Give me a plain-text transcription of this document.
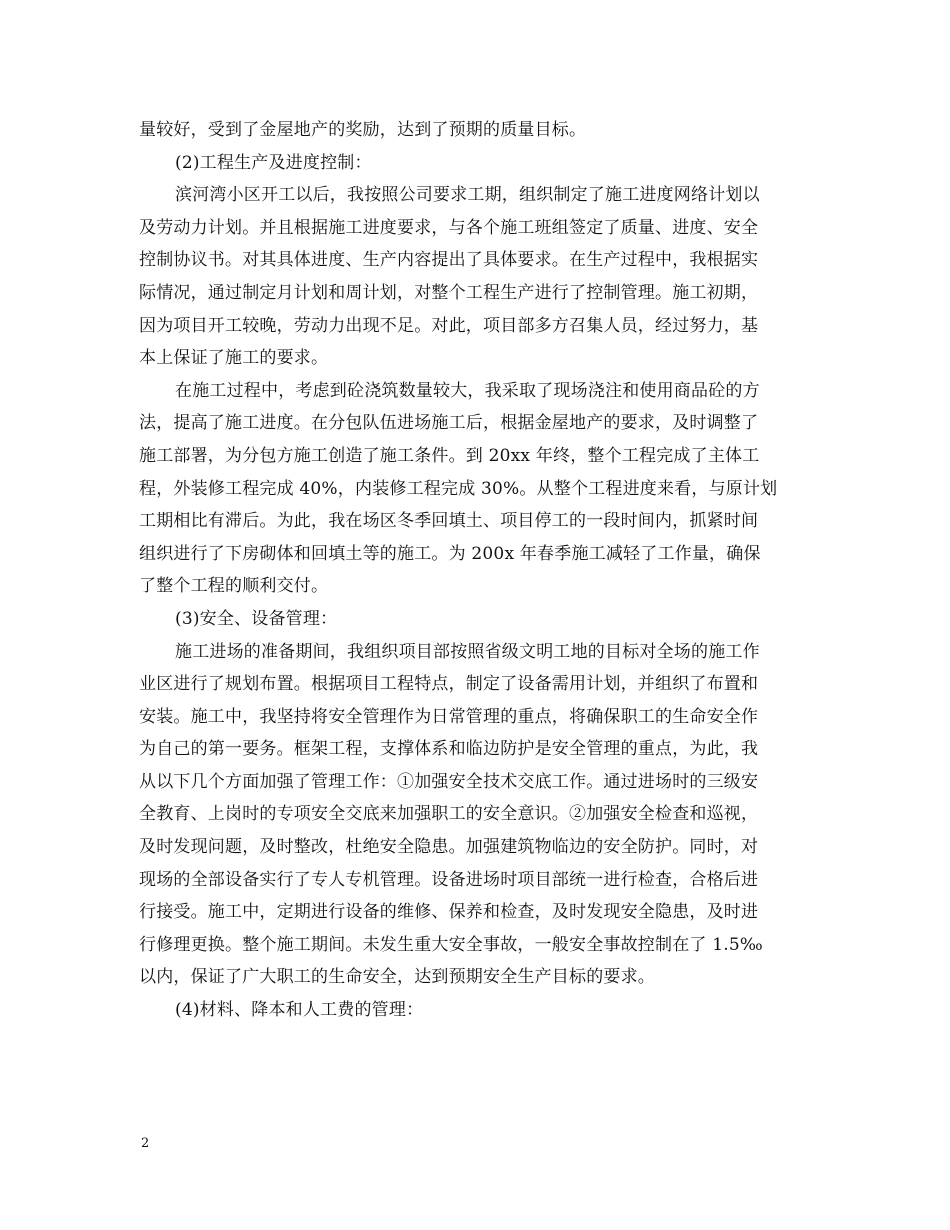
量较好，受到了金屋地产的奖励，达到了预期的质量目标。
(2)工程生产及进度控制：
滨河湾小区开工以后，我按照公司要求工期，组织制定了施工进度网络计划以
及劳动力计划。并且根据施工进度要求，与各个施工班组签定了质量、进度、安全
控制协议书。对其具体进度、生产内容提出了具体要求。在生产过程中，我根据实
际情况，通过制定月计划和周计划，对整个工程生产进行了控制管理。施工初期，
因为项目开工较晚，劳动力出现不足。对此，项目部多方召集人员，经过努力，基
本上保证了施工的要求。
在施工过程中，考虑到砼浇筑数量较大，我采取了现场浇注和使用商品砼的方
法，提高了施工进度。在分包队伍进场施工后，根据金屋地产的要求，及时调整了
施工部署，为分包方施工创造了施工条件。到 20xx 年终，整个工程完成了主体工
程，外装修工程完成 40%，内装修工程完成 30%。从整个工程进度来看，与原计划
工期相比有滞后。为此，我在场区冬季回填土、项目停工的一段时间内，抓紧时间
组织进行了下房砌体和回填土等的施工。为 200x 年春季施工减轻了工作量，确保
了整个工程的顺利交付。
(3)安全、设备管理：
施工进场的准备期间，我组织项目部按照省级文明工地的目标对全场的施工作
业区进行了规划布置。根据项目工程特点，制定了设备需用计划，并组织了布置和
安装。施工中，我坚持将安全管理作为日常管理的重点，将确保职工的生命安全作
为自己的第一要务。框架工程，支撑体系和临边防护是安全管理的重点，为此，我
从以下几个方面加强了管理工作：①加强安全技术交底工作。通过进场时的三级安
全教育、上岗时的专项安全交底来加强职工的安全意识。②加强安全检查和巡视，
及时发现问题，及时整改，杜绝安全隐患。加强建筑物临边的安全防护。同时，对
现场的全部设备实行了专人专机管理。设备进场时项目部统一进行检查，合格后进
行接受。施工中，定期进行设备的维修、保养和检查，及时发现安全隐患，及时进
行修理更换。整个施工期间。未发生重大安全事故，一般安全事故控制在了 1.5‰
以内，保证了广大职工的生命安全，达到预期安全生产目标的要求。
(4)材料、降本和人工费的管理：
2
